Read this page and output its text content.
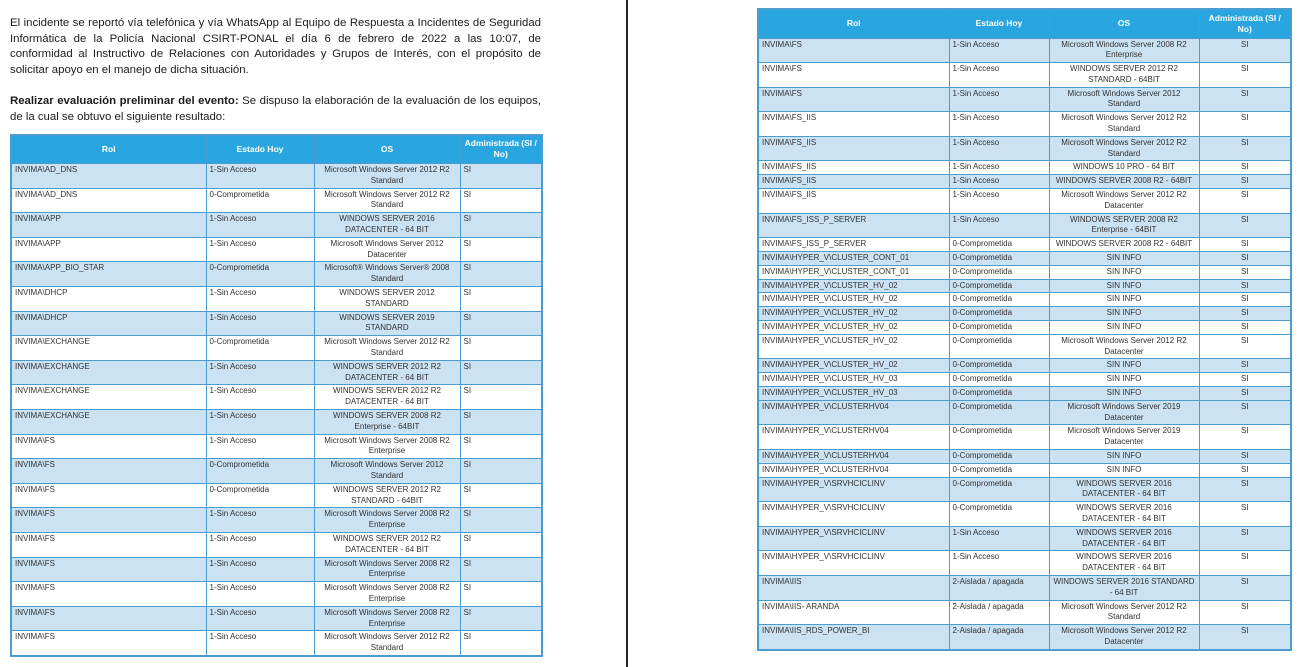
El incidente se reportó vía telefónica y vía WhatsApp al Equipo de Respuesta a Incidentes de Seguridad Informática de la Policía Nacional CSIRT-PONAL el día 6 de febrero de 2022 a las 10:07, de conformidad al Instructivo de Relaciones con Autoridades y Grupos de Interés, con el propósito de solicitar apoyo en el manejo de dicha situación.

Realizar evaluación preliminar del evento: Se dispuso la elaboración de la evaluación de los equipos, de la cual se obtuvo el siguiente resultado:

Rol	Estado Hoy	OS	Administrada (SI / No)
INVIMA\AD_DNS	1-Sin Acceso	Microsoft Windows Server 2012 R2 Standard	SI
INVIMA\AD_DNS	0-Comprometida	Microsoft Windows Server 2012 R2 Standard	SI
INVIMA\APP	1-Sin Acceso	WINDOWS SERVER 2016 DATACENTER - 64 BIT	SI
INVIMA\APP	1-Sin Acceso	Microsoft Windows Server 2012 Datacenter	SI
INVIMA\APP_BIO_STAR	0-Comprometida	Microsoft® Windows Server® 2008 Standard	SI
INVIMA\DHCP	1-Sin Acceso	WINDOWS SERVER 2012 STANDARD	SI
INVIMA\DHCP	1-Sin Acceso	WINDOWS SERVER 2019 STANDARD	SI
INVIMA\EXCHANGE	0-Comprometida	Microsoft Windows Server 2012 R2 Standard	SI
INVIMA\EXCHANGE	1-Sin Acceso	WINDOWS SERVER 2012 R2 DATACENTER - 64 BIT	SI
INVIMA\EXCHANGE	1-Sin Acceso	WINDOWS SERVER 2012 R2 DATACENTER - 64 BIT	SI
INVIMA\EXCHANGE	1-Sin Acceso	WINDOWS SERVER 2008 R2 Enterprise - 64BIT	SI
INVIMA\FS	1-Sin Acceso	Microsoft Windows Server 2008 R2 Enterprise	SI
INVIMA\FS	0-Comprometida	Microsoft Windows Server 2012 Standard	SI
INVIMA\FS	0-Comprometida	WINDOWS SERVER 2012 R2 STANDARD - 64BIT	SI
INVIMA\FS	1-Sin Acceso	Microsoft Windows Server 2008 R2 Enterprise	SI
INVIMA\FS	1-Sin Acceso	WINDOWS SERVER 2012 R2 DATACENTER - 64 BIT	SI
INVIMA\FS	1-Sin Acceso	Microsoft Windows Server 2008 R2 Enterprise	SI
INVIMA\FS	1-Sin Acceso	Microsoft Windows Server 2008 R2 Enterprise	SI
INVIMA\FS	1-Sin Acceso	Microsoft Windows Server 2008 R2 Enterprise	SI
INVIMA\FS	1-Sin Acceso	Microsoft Windows Server 2012 R2 Standard	SI
Rol	Estado Hoy	OS	Administrada (SI / No)
INVIMA\FS	1-Sin Acceso	Microsoft Windows Server 2008 R2 Enterprise	SI
INVIMA\FS	1-Sin Acceso	WINDOWS SERVER 2012 R2 STANDARD - 64BIT	SI
INVIMA\FS	1-Sin Acceso	Microsoft Windows Server 2012 Standard	SI
INVIMA\FS_IIS	1-Sin Acceso	Microsoft Windows Server 2012 R2 Standard	SI
INVIMA\FS_IIS	1-Sin Acceso	Microsoft Windows Server 2012 R2 Standard	SI
INVIMA\FS_IIS	1-Sin Acceso	WINDOWS 10 PRO - 64 BIT	SI
INVIMA\FS_IIS	1-Sin Acceso	WINDOWS SERVER 2008 R2 - 64BIT	SI
INVIMA\FS_IIS	1-Sin Acceso	Microsoft Windows Server 2012 R2 Datacenter	SI
INVIMA\FS_ISS_P_SERVER	1-Sin Acceso	WINDOWS SERVER 2008 R2 Enterprise - 64BIT	SI
INVIMA\FS_ISS_P_SERVER	0-Comprometida	WINDOWS SERVER 2008 R2 - 64BIT	SI
INVIMA\HYPER_V\CLUSTER_CONT_01	0-Comprometida	SIN INFO	SI
INVIMA\HYPER_V\CLUSTER_CONT_01	0-Comprometida	SIN INFO	SI
INVIMA\HYPER_V\CLUSTER_HV_02	0-Comprometida	SIN INFO	SI
INVIMA\HYPER_V\CLUSTER_HV_02	0-Comprometida	SIN INFO	SI
INVIMA\HYPER_V\CLUSTER_HV_02	0-Comprometida	SIN INFO	SI
INVIMA\HYPER_V\CLUSTER_HV_02	0-Comprometida	SIN INFO	SI
INVIMA\HYPER_V\CLUSTER_HV_02	0-Comprometida	Microsoft Windows Server 2012 R2 Datacenter	SI
INVIMA\HYPER_V\CLUSTER_HV_02	0-Comprometida	SIN INFO	SI
INVIMA\HYPER_V\CLUSTER_HV_03	0-Comprometida	SIN INFO	SI
INVIMA\HYPER_V\CLUSTER_HV_03	0-Comprometida	SIN INFO	SI
INVIMA\HYPER_V\CLUSTERHV04	0-Comprometida	Microsoft Windows Server 2019 Datacenter	SI
INVIMA\HYPER_V\CLUSTERHV04	0-Comprometida	Microsoft Windows Server 2019 Datacenter	SI
INVIMA\HYPER_V\CLUSTERHV04	0-Comprometida	SIN INFO	SI
INVIMA\HYPER_V\CLUSTERHV04	0-Comprometida	SIN INFO	SI
INVIMA\HYPER_V\SRVHCICLINV	0-Comprometida	WINDOWS SERVER 2016 DATACENTER - 64 BIT	SI
INVIMA\HYPER_V\SRVHCICLINV	0-Comprometida	WINDOWS SERVER 2016 DATACENTER - 64 BIT	SI
INVIMA\HYPER_V\SRVHCICLINV	1-Sin Acceso	WINDOWS SERVER 2016 DATACENTER - 64 BIT	SI
INVIMA\HYPER_V\SRVHCICLINV	1-Sin Acceso	WINDOWS SERVER 2016 DATACENTER - 64 BIT	SI
INVIMA\IIS	2-Aislada / apagada	WINDOWS SERVER 2016 STANDARD - 64 BIT	SI
INVIMA\IIS- ARANDA	2-Aislada / apagada	Microsoft Windows Server 2012 R2 Standard	SI
INVIMA\IIS_RDS_POWER_BI	2-Aislada / apagada	Microsoft Windows Server 2012 R2 Datacenter	SI
